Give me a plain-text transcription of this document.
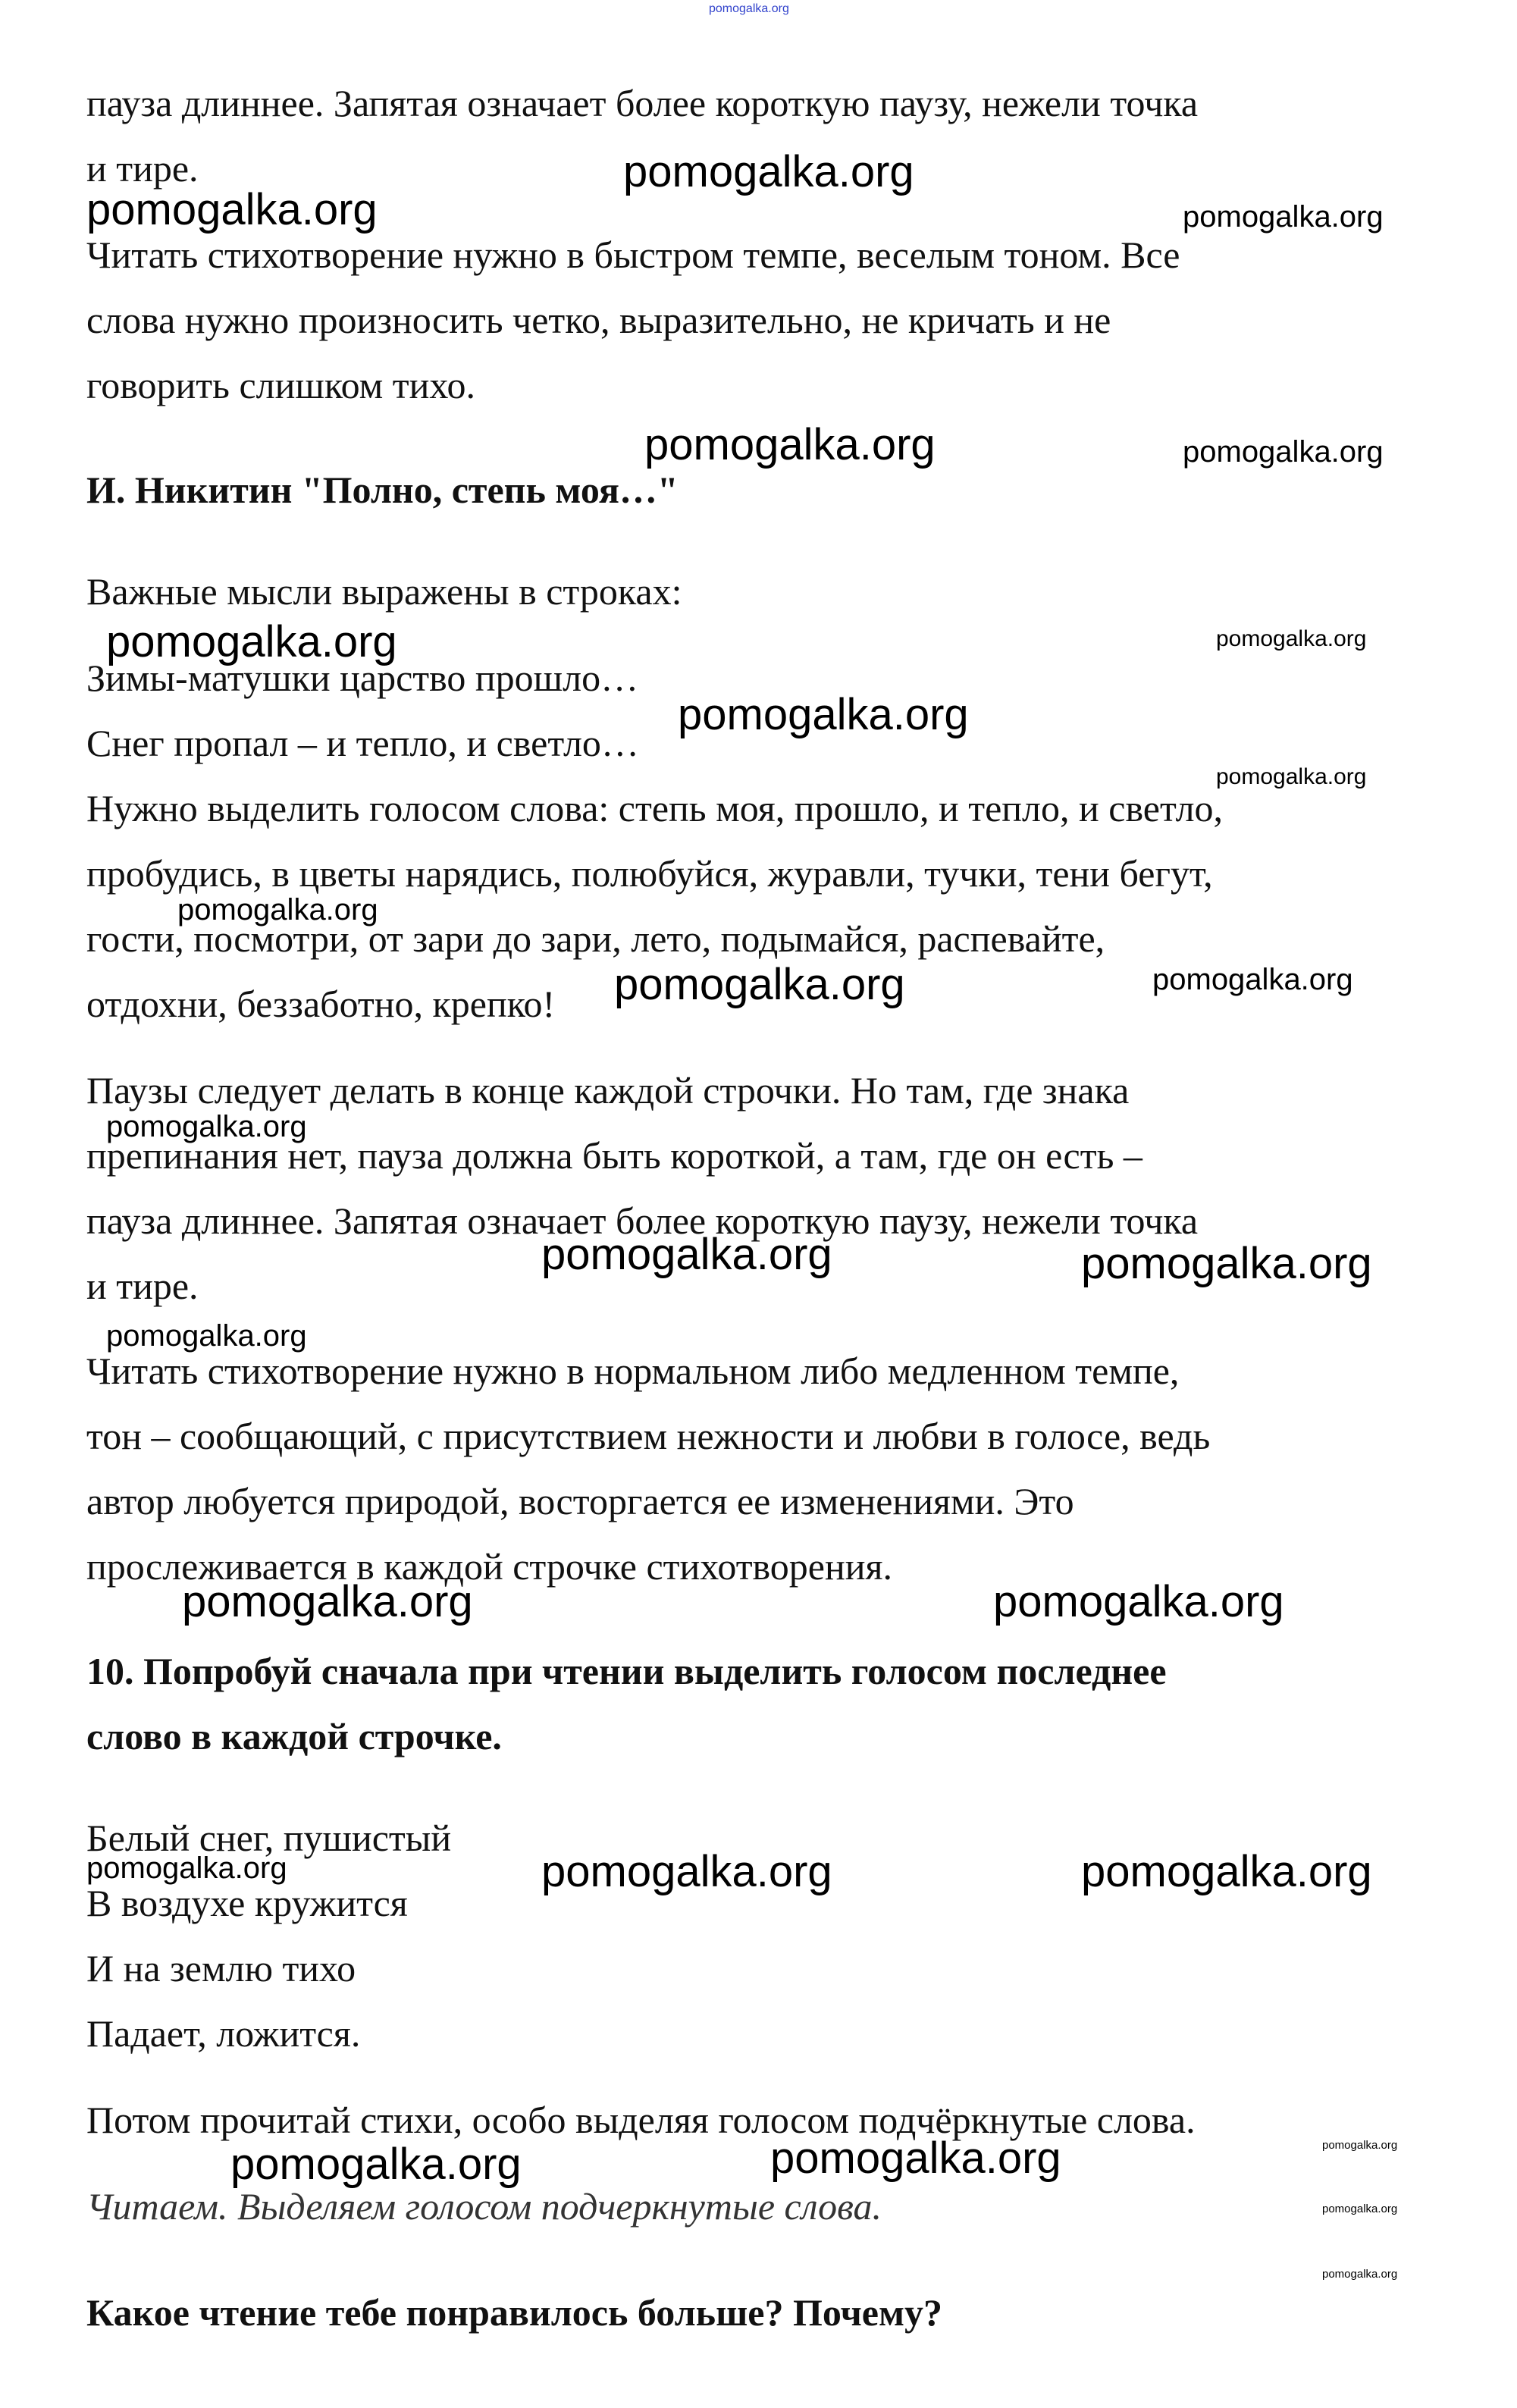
pomogalka.org
pomogalka.org
pomogalka.org	pomogalka.org
pomogalka.org	pomogalka.org
pomogalka.org	pomogalka.org
pomogalka.org
pomogalka.org
pomogalka.org
pomogalka.org	pomogalka.org
pomogalka.org
pomogalka.org	pomogalka.org
pomogalka.org
pomogalka.org	pomogalka.org
pomogalka.org	pomogalka.org	pomogalka.org
pomogalka.org
pomogalka.org	pomogalka.org
pomogalka.org
pomogalka.org
пауза длиннее. Запятая означает более короткую паузу, нежели точка
и тире.
Читать стихотворение нужно в быстром темпе, веселым тоном. Все
слова нужно произносить четко, выразительно, не кричать и не
говорить слишком тихо.
И. Никитин "Полно, степь моя…"
Важные мысли выражены в строках:
Зимы-матушки царство прошло…
Снег пропал – и тепло, и светло…
Нужно выделить голосом слова: степь моя, прошло, и тепло, и светло,
пробудись, в цветы нарядись, полюбуйся, журавли, тучки, тени бегут,
гости, посмотри, от зари до зари, лето, подымайся, распевайте,
отдохни, беззаботно, крепко!
Паузы следует делать в конце каждой строчки. Но там, где знака
препинания нет, пауза должна быть короткой, а там, где он есть –
пауза длиннее. Запятая означает более короткую паузу, нежели точка
и тире.
Читать стихотворение нужно в нормальном либо медленном темпе,
тон – сообщающий, с присутствием нежности и любви в голосе, ведь
автор любуется природой, восторгается ее изменениями. Это
прослеживается в каждой строчке стихотворения.
10. Попробуй сначала при чтении выделить голосом последнее
слово в каждой строчке.
Белый снег, пушистый
В воздухе кружится
И на землю тихо
Падает, ложится.
Потом прочитай стихи, особо выделяя голосом подчёркнутые слова.
Читаем. Выделяем голосом подчеркнутые слова.
Какое чтение тебе понравилось больше? Почему?
